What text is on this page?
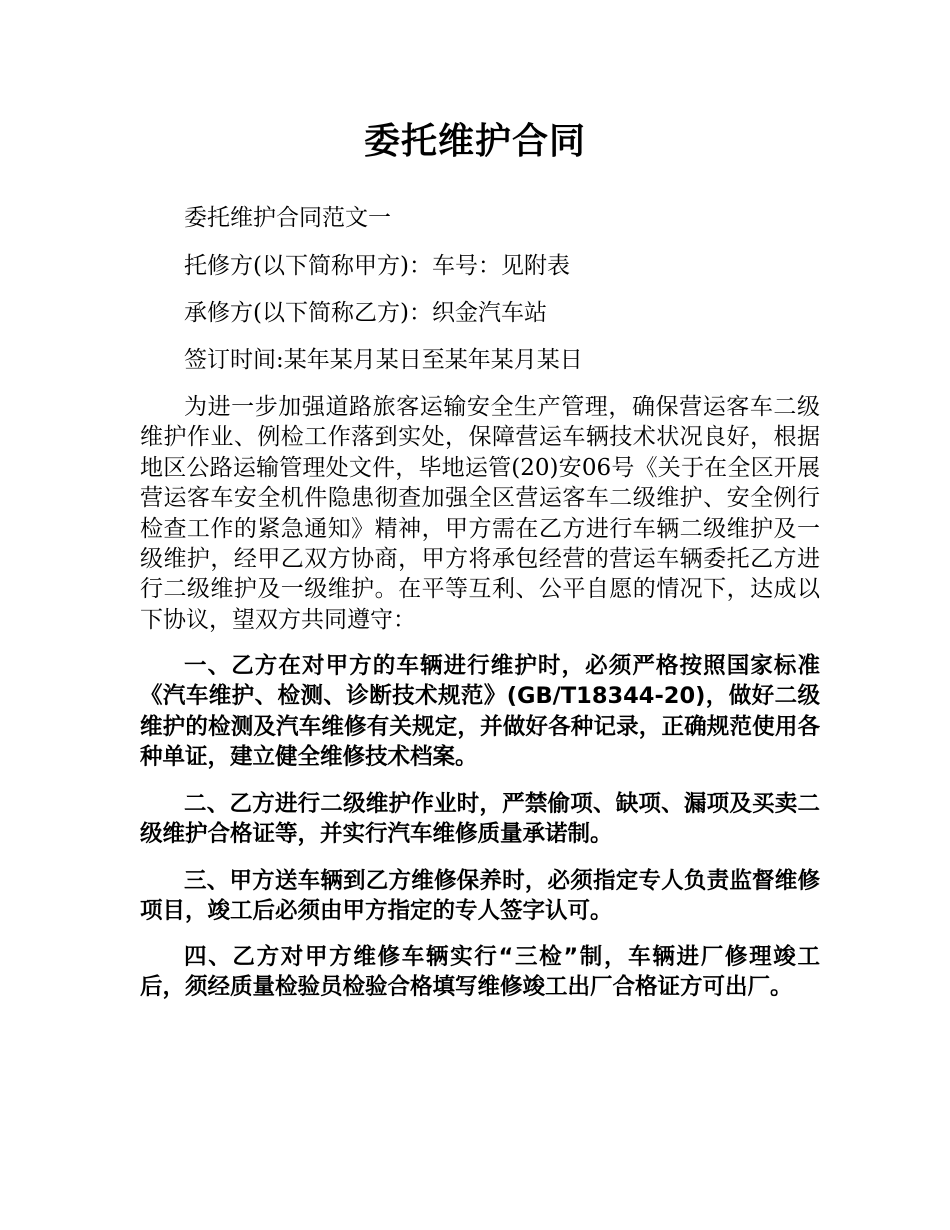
委托维护合同

委托维护合同范文一

托修方(以下简称甲方)：车号：见附表

承修方(以下简称乙方)：织金汽车站

签订时间:某年某月某日至某年某月某日

为进一步加强道路旅客运输安全生产管理，确保营运客车二级维护作业、例检工作落到实处，保障营运车辆技术状况良好，根据地区公路运输管理处文件，毕地运管(20)安06号《关于在全区开展营运客车安全机件隐患彻查加强全区营运客车二级维护、安全例行检查工作的紧急通知》精神，甲方需在乙方进行车辆二级维护及一级维护，经甲乙双方协商，甲方将承包经营的营运车辆委托乙方进行二级维护及一级维护。在平等互利、公平自愿的情况下，达成以下协议，望双方共同遵守：

一、乙方在对甲方的车辆进行维护时，必须严格按照国家标准《汽车维护、检测、诊断技术规范》(GB/T18344-20)，做好二级维护的检测及汽车维修有关规定，并做好各种记录，正确规范使用各种单证，建立健全维修技术档案。

二、乙方进行二级维护作业时，严禁偷项、缺项、漏项及买卖二级维护合格证等，并实行汽车维修质量承诺制。

三、甲方送车辆到乙方维修保养时，必须指定专人负责监督维修项目，竣工后必须由甲方指定的专人签字认可。

四、乙方对甲方维修车辆实行“三检”制，车辆进厂修理竣工后，须经质量检验员检验合格填写维修竣工出厂合格证方可出厂。
